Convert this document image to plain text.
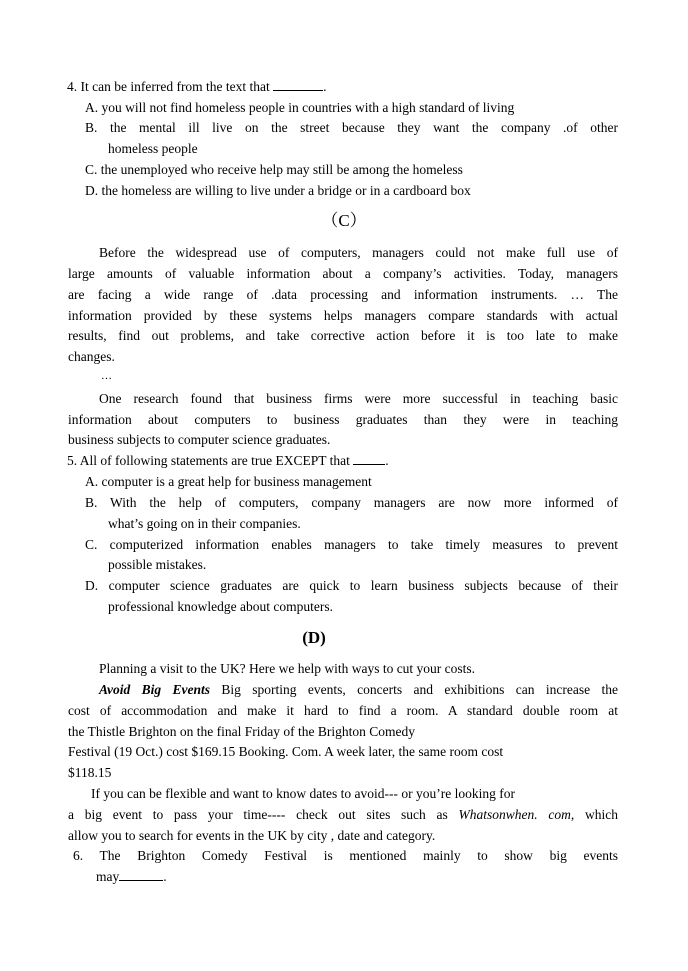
4. It can be inferred from the text that	.
A. you will not find homeless people in countries with a high standard of living
B. the mental ill live on the street because they want the company .of other
homeless people
C. the unemployed who receive help may still be among the homeless
D. the homeless are willing to live under a bridge or in a cardboard box
（C）
Before the widespread use of computers, managers could not make full use of
large amounts of valuable information about a company’s activities. Today, managers
are facing a wide range of .data processing and information instruments. … The
information provided by these systems helps managers compare standards with actual
results, find out problems, and take corrective action before it is too late to make
changes.
…
One research found that business firms were more successful in teaching basic
information about computers to business graduates than they were in teaching
business subjects to computer science graduates.
5. All of following statements are true EXCEPT that	.
A. computer is a great help for business management
B. With the help of computers, company managers are now more informed of
what’s going on in their companies.
C. computerized information enables managers to take timely measures to prevent
possible mistakes.
D. computer science graduates are quick to learn business subjects because of their
professional knowledge about computers.
(D)
Planning a visit to the UK? Here we help with ways to cut your costs.
Avoid Big Events Big sporting events, concerts and exhibitions can increase the
cost of accommodation and make it hard to find a room. A standard double room at
the Thistle Brighton on the final Friday of the Brighton Comedy
Festival (19 Oct.) cost $169.15 Booking. Com. A week later, the same room cost
$118.15
If you can be flexible and want to know dates to avoid--- or you’re looking for
a big event to pass your time---- check out sites such as Whatsonwhen. com, which
allow you to search for events in the UK by city , date and category.
6. The Brighton Comedy Festival is mentioned mainly to show big events
may	.
